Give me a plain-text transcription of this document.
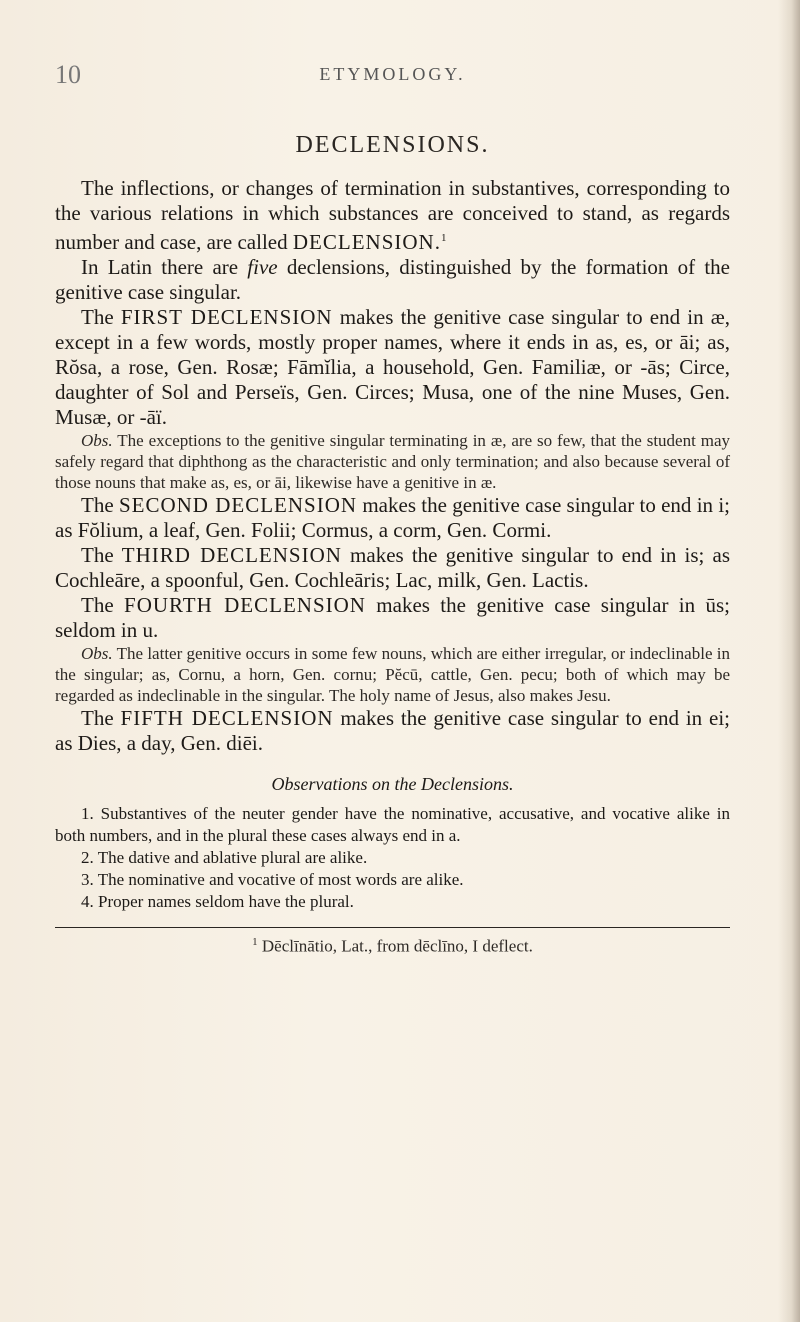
10	ETYMOLOGY.
DECLENSIONS.

The inflections, or changes of termination in substantives, corresponding to the various relations in which substances are conceived to stand, as regards number and case, are called DECLENSION.$^1$

In Latin there are five declensions, distinguished by the formation of the genitive case singular.

The FIRST DECLENSION makes the genitive case singular to end in æ, except in a few words, mostly proper names, where it ends in as, es, or āi; as, Rŏsa, a rose, Gen. Rosæ; Fāmĭlia, a household, Gen. Familiæ, or -ās; Circe, daughter of Sol and Perseïs, Gen. Circes; Musa, one of the nine Muses, Gen. Musæ, or -āï.

Obs. The exceptions to the genitive singular terminating in æ, are so few, that the student may safely regard that diphthong as the characteristic and only termination; and also because several of those nouns that make as, es, or āi, likewise have a genitive in æ.

The SECOND DECLENSION makes the genitive case singular to end in i; as Fŏlium, a leaf, Gen. Folii; Cormus, a corm, Gen. Cormi.

The THIRD DECLENSION makes the genitive singular to end in is; as Cochleāre, a spoonful, Gen. Cochleāris; Lac, milk, Gen. Lactis.

The FOURTH DECLENSION makes the genitive case singular in ūs; seldom in u.

Obs. The latter genitive occurs in some few nouns, which are either irregular, or indeclinable in the singular; as, Cornu, a horn, Gen. cornu; Pĕcū, cattle, Gen. pecu; both of which may be regarded as indeclinable in the singular. The holy name of Jesus, also makes Jesu.

The FIFTH DECLENSION makes the genitive case singular to end in ei; as Dies, a day, Gen. diēi.

Observations on the Declensions.

1. Substantives of the neuter gender have the nominative, accusative, and vocative alike in both numbers, and in the plural these cases always end in a.

2. The dative and ablative plural are alike.

3. The nominative and vocative of most words are alike.

4. Proper names seldom have the plural.

$^1$ Dēclīnātio, Lat., from dēclīno, I deflect.
